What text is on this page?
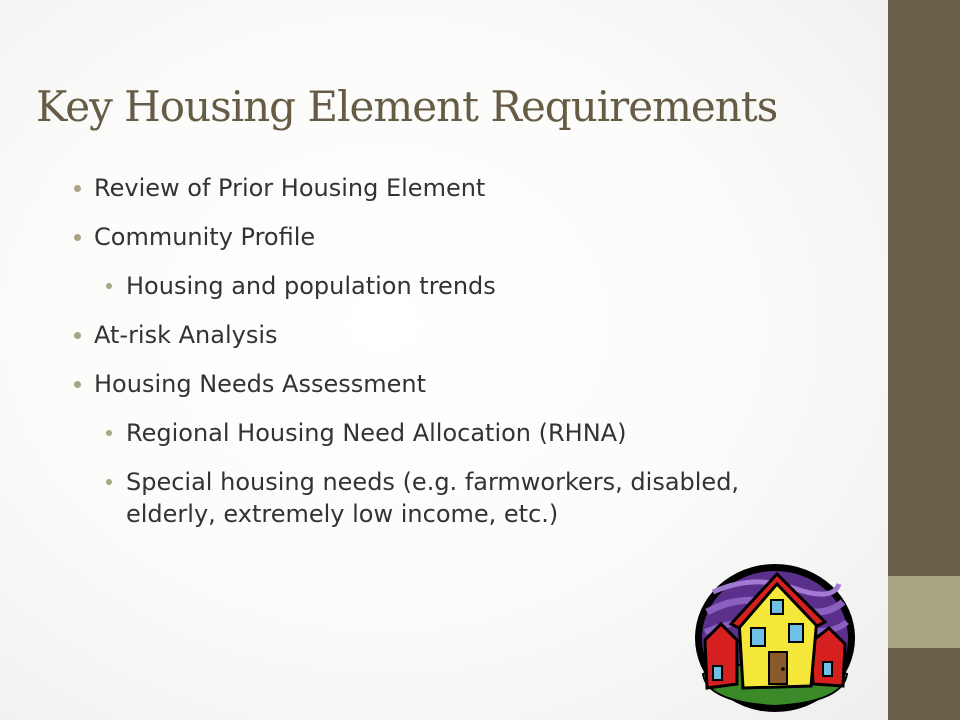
Key Housing Element Requirements
Review of Prior Housing Element
Community Profile
Housing and population trends
At-risk Analysis
Housing Needs Assessment
Regional Housing Need Allocation (RHNA)
Special housing needs (e.g. farmworkers, disabled, elderly, extremely low income, etc.)
